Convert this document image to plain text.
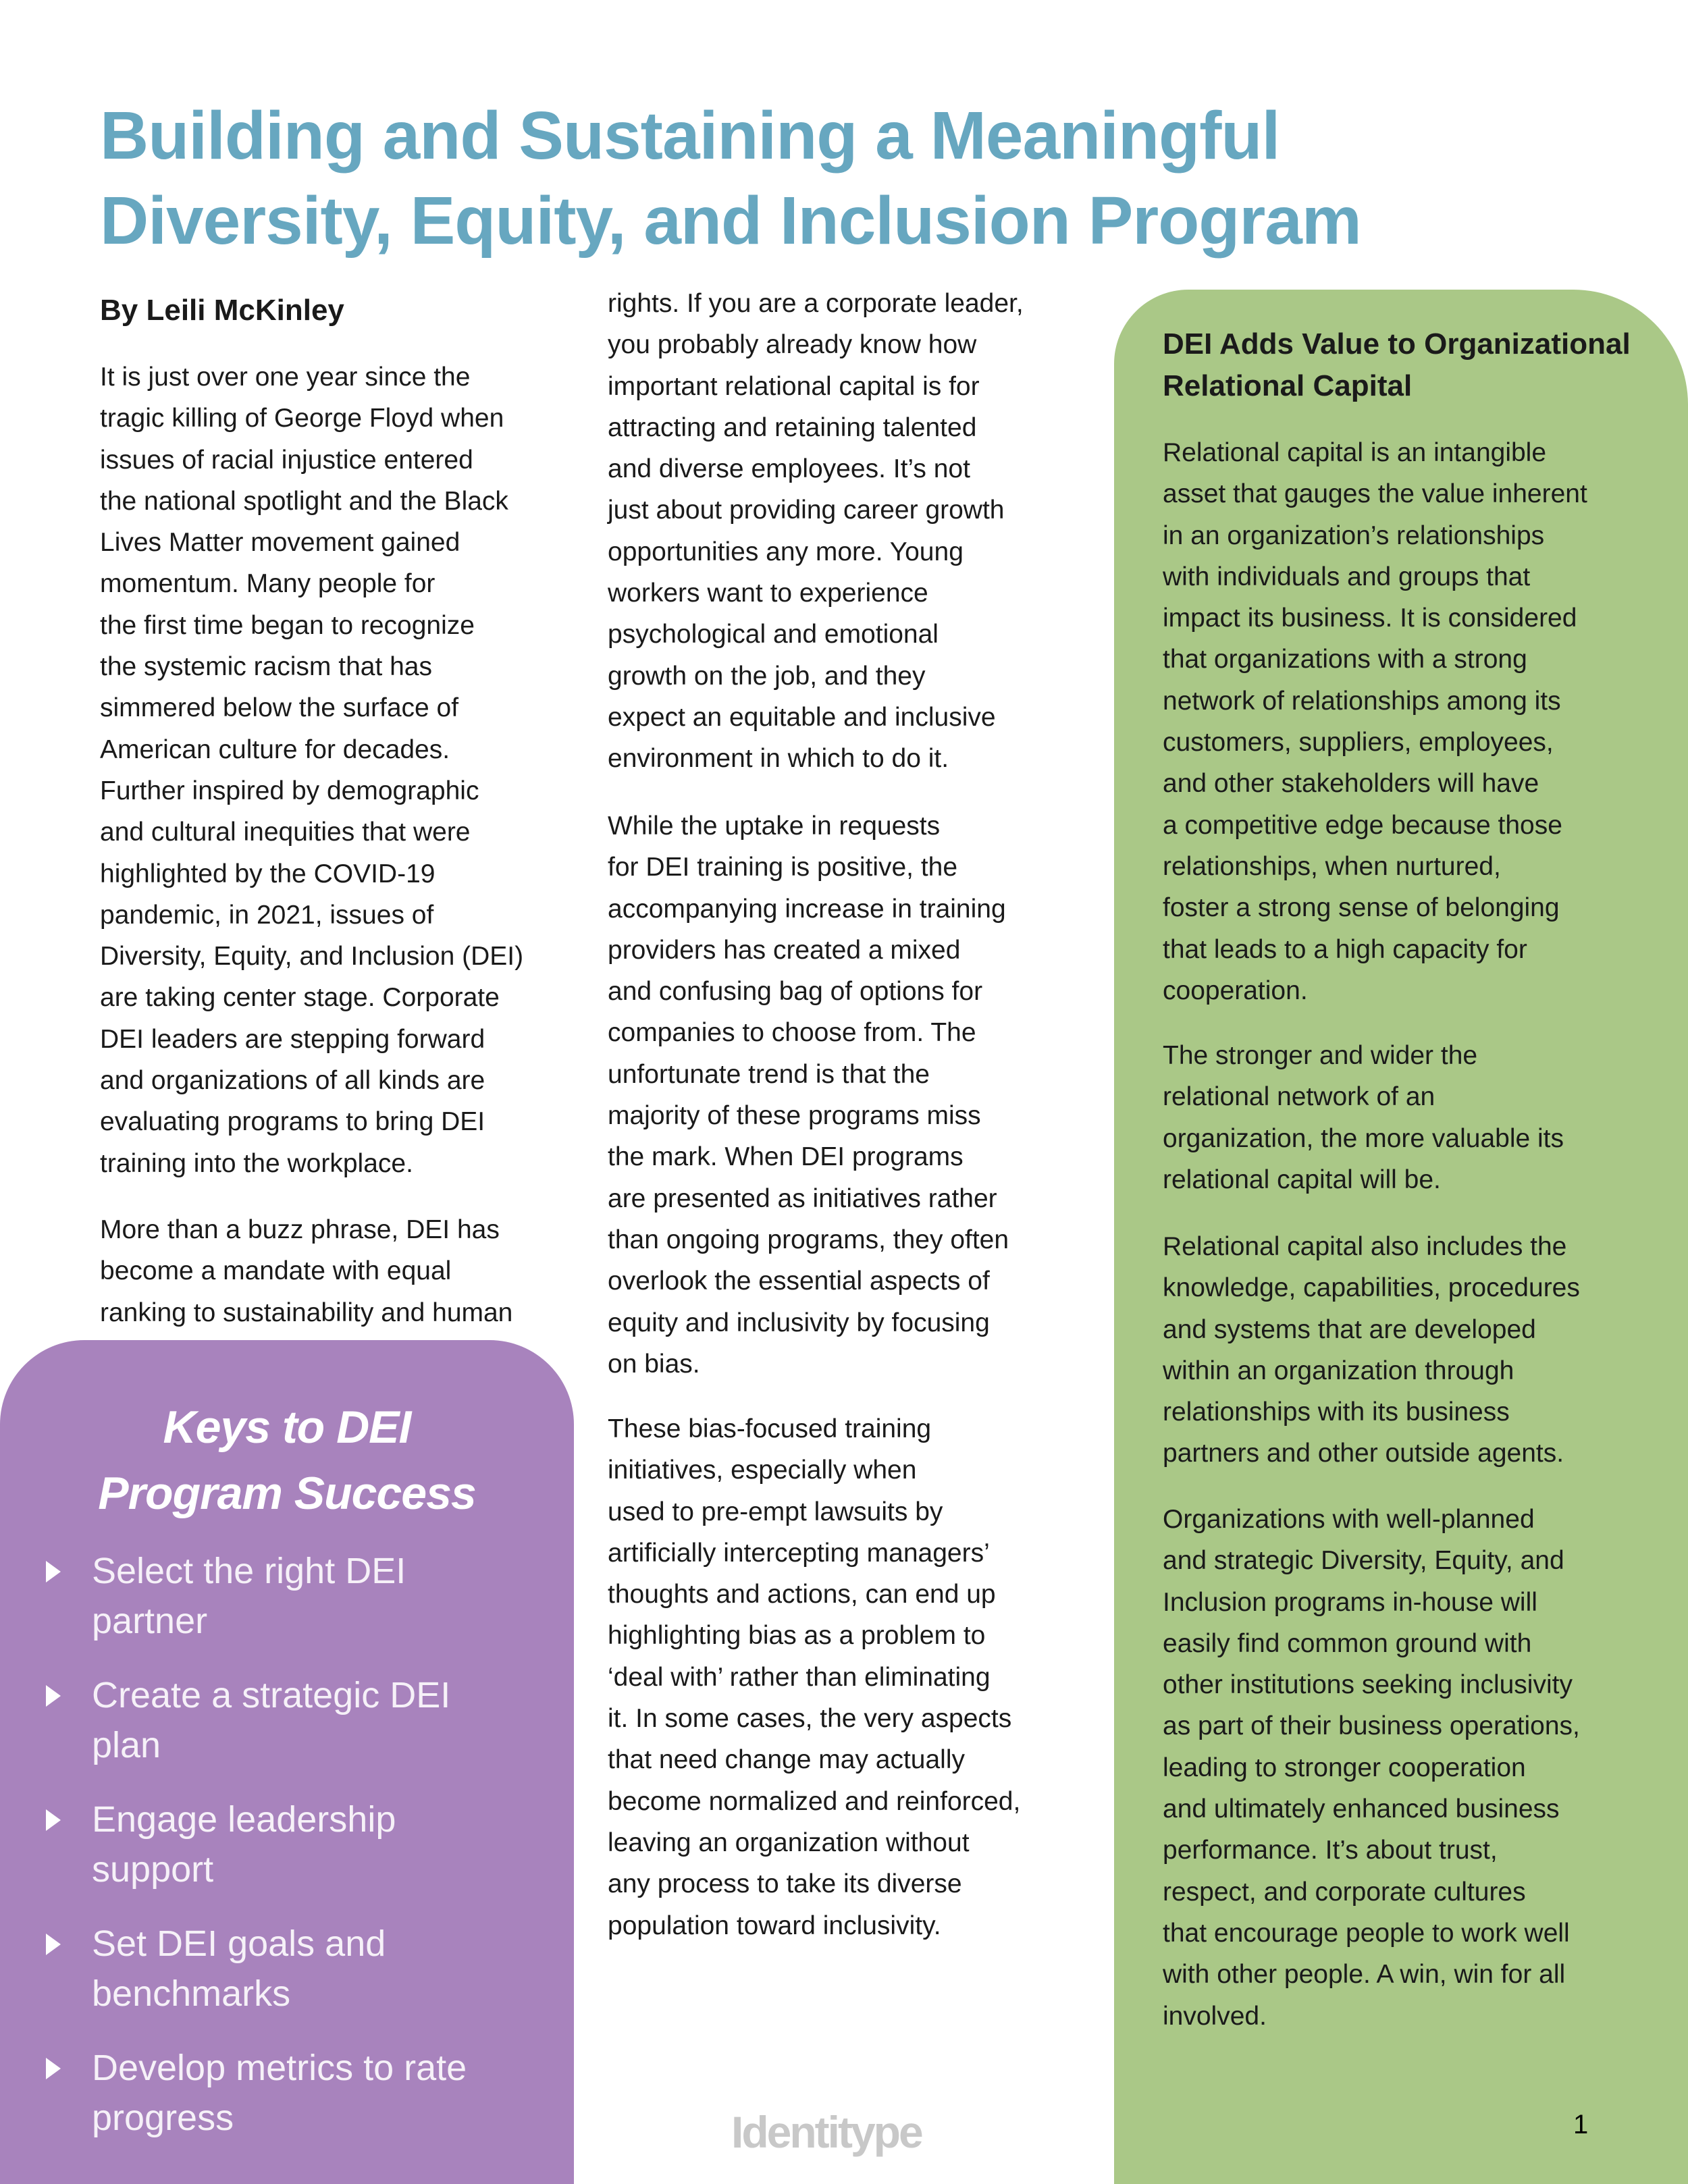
Building and Sustaining a Meaningful
Diversity, Equity, and Inclusion Program
By Leili McKinley
It is just over one year since the
tragic killing of George Floyd when
issues of racial injustice entered
the national spotlight and the Black
Lives Matter movement gained
momentum. Many people for
the first time began to recognize
the systemic racism that has
simmered below the surface of
American culture for decades.
Further inspired by demographic
and cultural inequities that were
highlighted by the COVID-19
pandemic, in 2021, issues of
Diversity, Equity, and Inclusion (DEI)
are taking center stage. Corporate
DEI leaders are stepping forward
and organizations of all kinds are
evaluating programs to bring DEI
training into the workplace.
More than a buzz phrase, DEI has
become a mandate with equal
ranking to sustainability and human
rights. If you are a corporate leader,
you probably already know how
important relational capital is for
attracting and retaining talented
and diverse employees. It’s not
just about providing career growth
opportunities any more. Young
workers want to experience
psychological and emotional
growth on the job, and they
expect an equitable and inclusive
environment in which to do it.
While the uptake in requests
for DEI training is positive, the
accompanying increase in training
providers has created a mixed
and confusing bag of options for
companies to choose from. The
unfortunate trend is that the
majority of these programs miss
the mark. When DEI programs
are presented as initiatives rather
than ongoing programs, they often
overlook the essential aspects of
equity and inclusivity by focusing
on bias.
These bias-focused training
initiatives, especially when
used to pre-empt lawsuits by
artificially intercepting managers’
thoughts and actions, can end up
highlighting bias as a problem to
‘deal with’ rather than eliminating
it. In some cases, the very aspects
that need change may actually
become normalized and reinforced,
leaving an organization without
any process to take its diverse
population toward inclusivity.
DEI Adds Value to Organizational
Relational Capital
Relational capital is an intangible
asset that gauges the value inherent
in an organization’s relationships
with individuals and groups that
impact its business. It is considered
that organizations with a strong
network of relationships among its
customers, suppliers, employees,
and other stakeholders will have
a competitive edge because those
relationships, when nurtured,
foster a strong sense of belonging
that leads to a high capacity for
cooperation.
The stronger and wider the
relational network of an
organization, the more valuable its
relational capital will be.
Relational capital also includes the
knowledge, capabilities, procedures
and systems that are developed
within an organization through
relationships with its business
partners and other outside agents.
Organizations with well-planned
and strategic Diversity, Equity, and
Inclusion programs in-house will
easily find common ground with
other institutions seeking inclusivity
as part of their business operations,
leading to stronger cooperation
and ultimately enhanced business
performance. It’s about trust,
respect, and corporate cultures
that encourage people to work well
with other people. A win, win for all
involved.
Keys to DEI
Program Success
Select the right DEI
partner
Create a strategic DEI
plan
Engage leadership
support
Set DEI goals and
benchmarks
Develop metrics to rate
progress	Identitype	1
